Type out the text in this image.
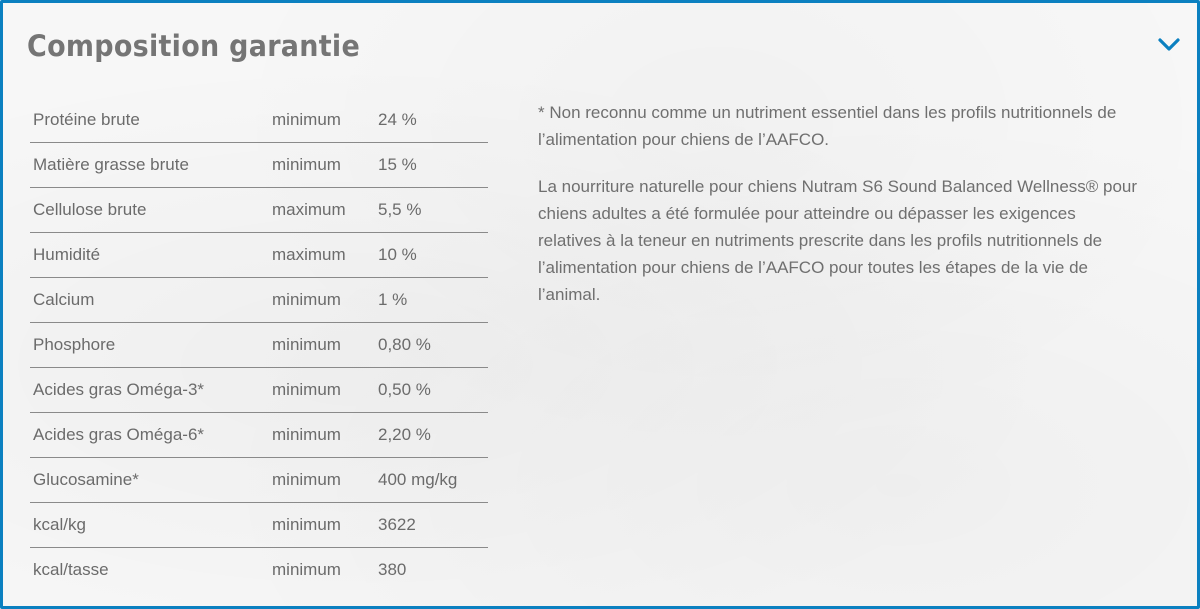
Composition garantie
Protéine brute	minimum 24 %
Matière grasse brute	minimum 15 %
Cellulose brute	maximum 5,5 %
Humidité	maximum 10 %
Calcium	minimum 1 %
Phosphore	minimum 0,80 %
Acides gras Oméga-3*	minimum 0,50 %
Acides gras Oméga-6*	minimum 2,20 %
Glucosamine*	minimum 400 mg/kg
kcal/kg	minimum 3622
kcal/tasse	minimum 380

* Non reconnu comme un nutriment essentiel dans les profils nutritionnels de l’alimentation pour chiens de l’AAFCO.

La nourriture naturelle pour chiens Nutram S6 Sound Balanced Wellness® pour chiens adultes a été formulée pour atteindre ou dépasser les exigences relatives à la teneur en nutriments prescrite dans les profils nutritionnels de l’alimentation pour chiens de l’AAFCO pour toutes les étapes de la vie de l’animal.
